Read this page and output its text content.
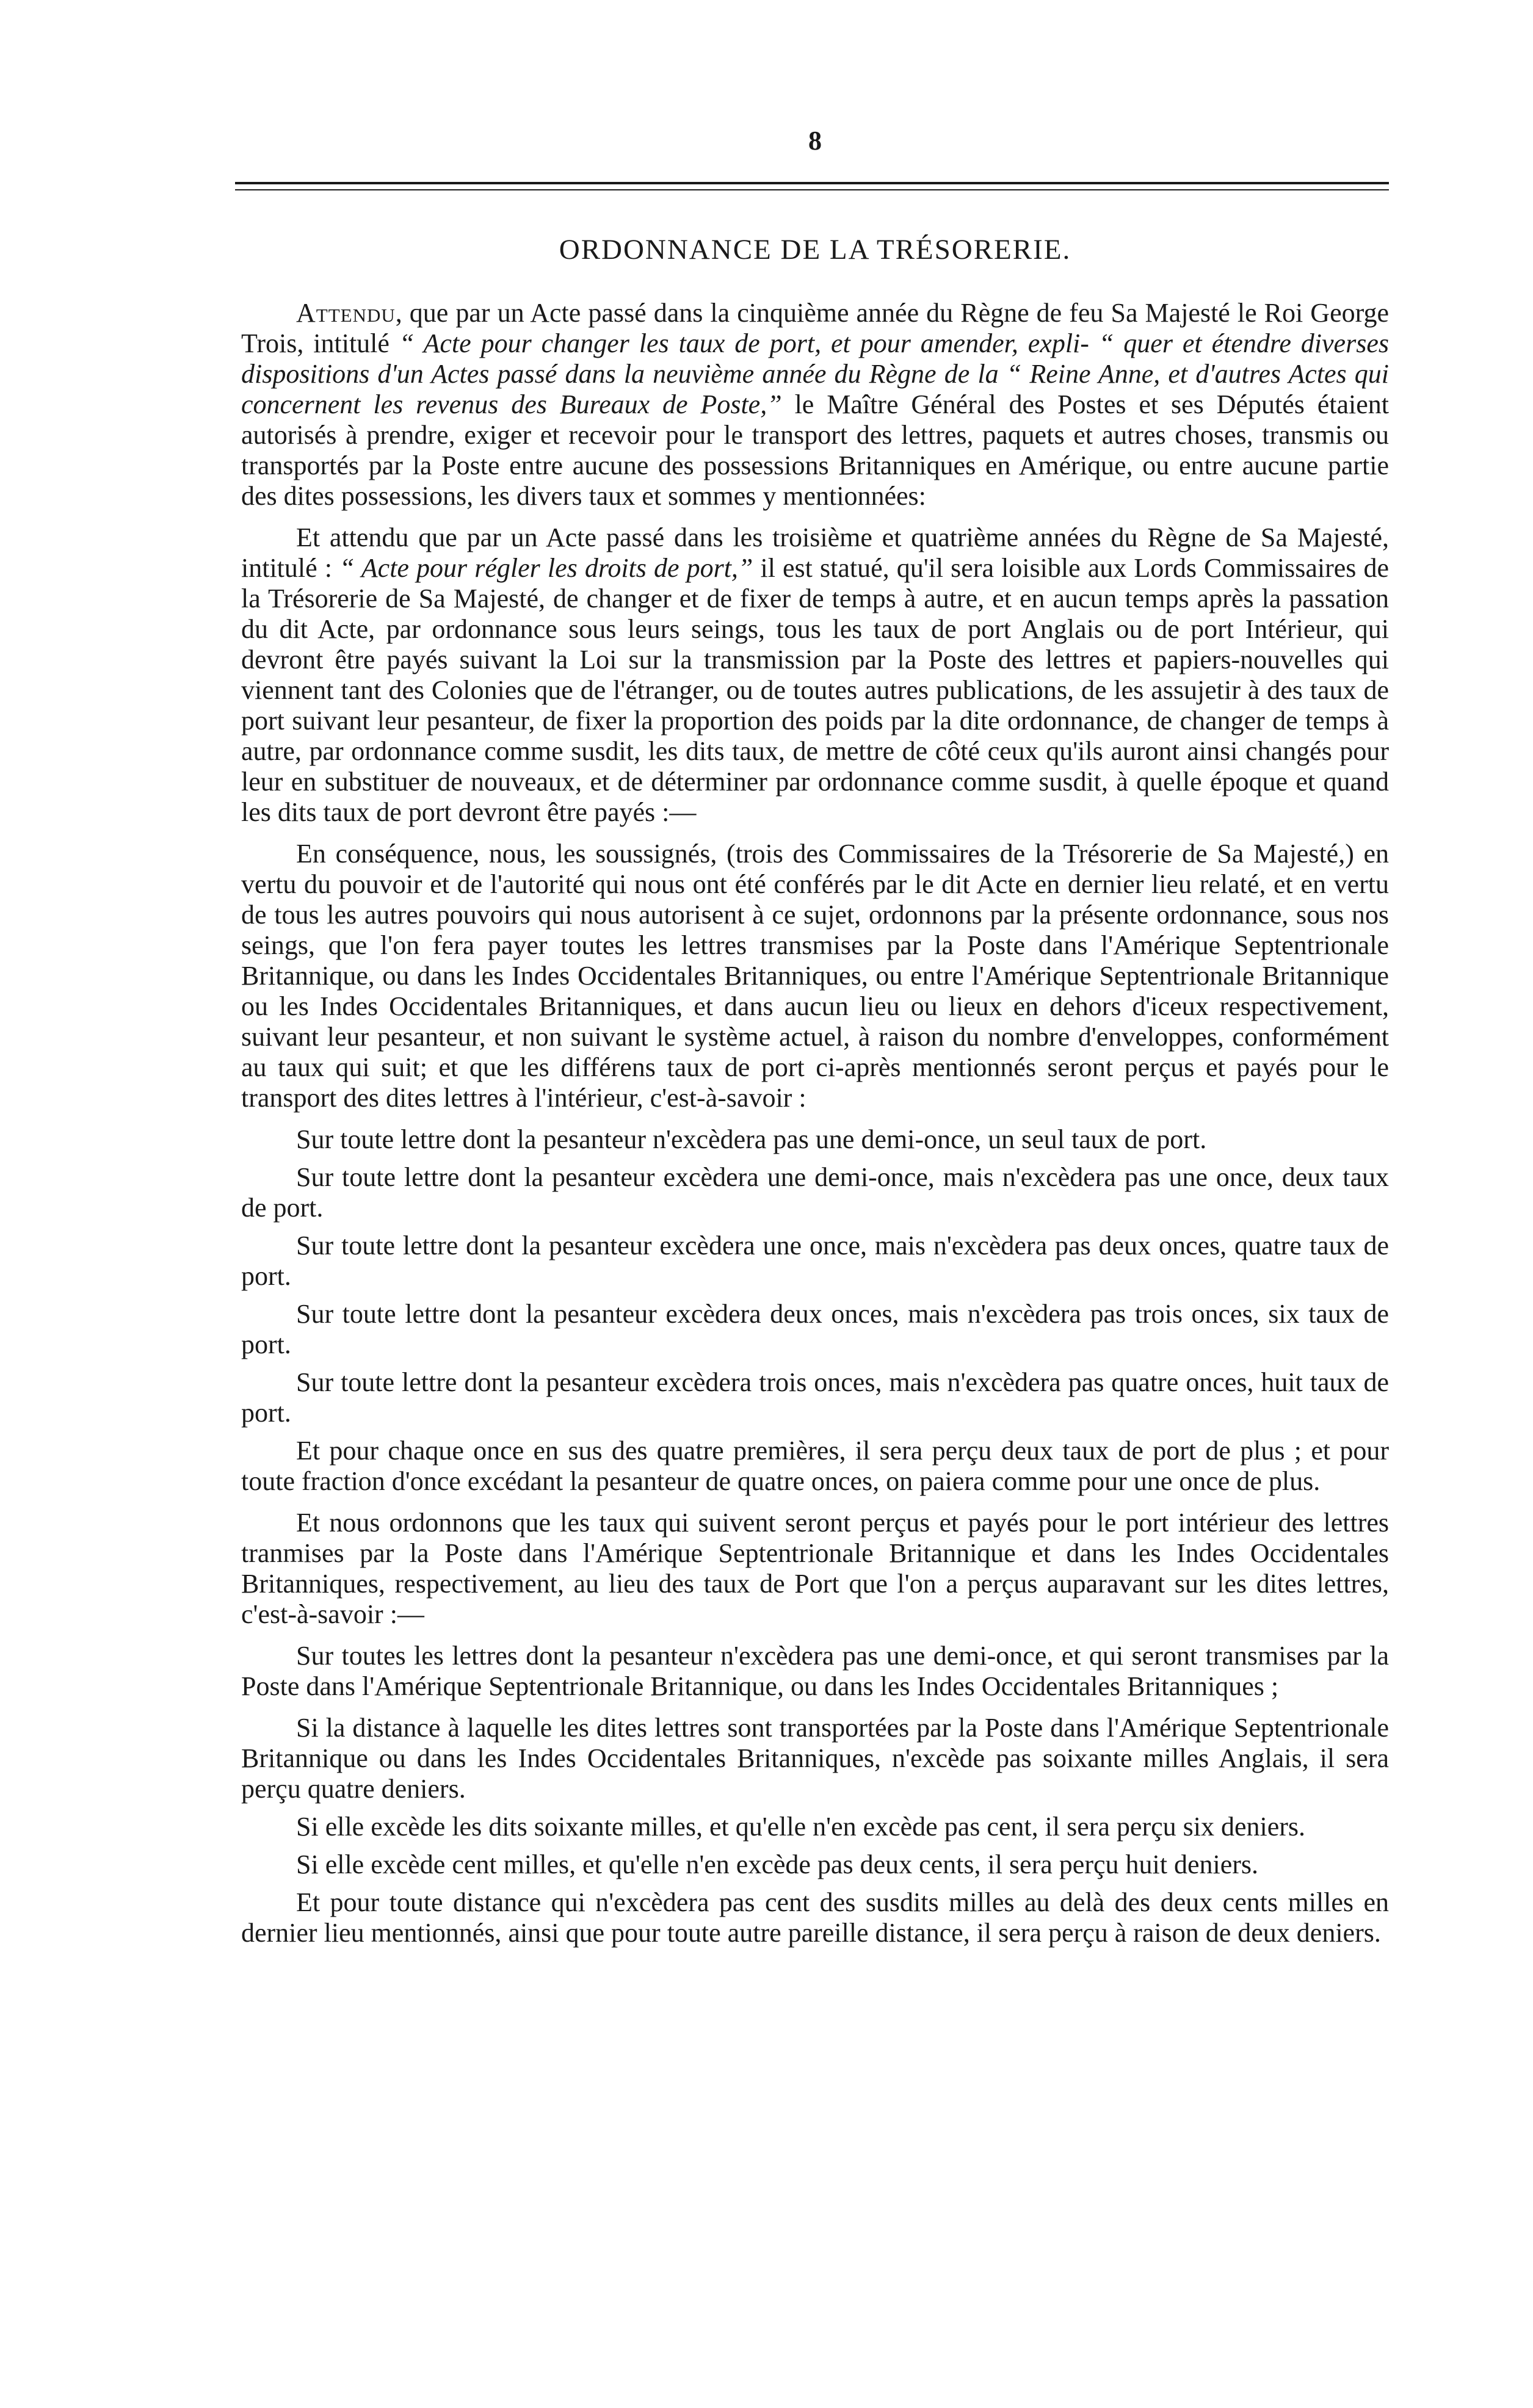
8
ORDONNANCE DE LA TRÉSORERIE.

Attendu, que par un Acte passé dans la cinquième année du Règne de feu Sa Majesté le Roi George Trois, intitulé “ Acte pour changer les taux de port, et pour amender, expli- “ quer et étendre diverses dispositions d'un Actes passé dans la neuvième année du Règne de la “ Reine Anne, et d'autres Actes qui concernent les revenus des Bureaux de Poste,” le Maître Général des Postes et ses Députés étaient autorisés à prendre, exiger et recevoir pour le transport des lettres, paquets et autres choses, transmis ou transportés par la Poste entre aucune des possessions Britanniques en Amérique, ou entre aucune partie des dites possessions, les divers taux et sommes y mentionnées:

Et attendu que par un Acte passé dans les troisième et quatrième années du Règne de Sa Majesté, intitulé : “ Acte pour régler les droits de port,” il est statué, qu'il sera loisible aux Lords Commissaires de la Trésorerie de Sa Majesté, de changer et de fixer de temps à autre, et en aucun temps après la passation du dit Acte, par ordonnance sous leurs seings, tous les taux de port Anglais ou de port Intérieur, qui devront être payés suivant la Loi sur la transmission par la Poste des lettres et papiers-nouvelles qui viennent tant des Colonies que de l'étranger, ou de toutes autres publications, de les assujetir à des taux de port suivant leur pesanteur, de fixer la proportion des poids par la dite ordonnance, de changer de temps à autre, par ordonnance comme susdit, les dits taux, de mettre de côté ceux qu'ils auront ainsi changés pour leur en substituer de nouveaux, et de déterminer par ordonnance comme susdit, à quelle époque et quand les dits taux de port devront être payés :—

En conséquence, nous, les soussignés, (trois des Commissaires de la Trésorerie de Sa Majesté,) en vertu du pouvoir et de l'autorité qui nous ont été conférés par le dit Acte en dernier lieu relaté, et en vertu de tous les autres pouvoirs qui nous autorisent à ce sujet, ordonnons par la présente ordonnance, sous nos seings, que l'on fera payer toutes les lettres transmises par la Poste dans l'Amérique Septentrionale Britannique, ou dans les Indes Occidentales Britanniques, ou entre l'Amérique Septentrionale Britannique ou les Indes Occidentales Britanniques, et dans aucun lieu ou lieux en dehors d'iceux respectivement, suivant leur pesanteur, et non suivant le système actuel, à raison du nombre d'enveloppes, conformément au taux qui suit; et que les différens taux de port ci-après mentionnés seront perçus et payés pour le transport des dites lettres à l'intérieur, c'est-à-savoir :

Sur toute lettre dont la pesanteur n'excèdera pas une demi-once, un seul taux de port.

Sur toute lettre dont la pesanteur excèdera une demi-once, mais n'excèdera pas une once, deux taux de port.

Sur toute lettre dont la pesanteur excèdera une once, mais n'excèdera pas deux onces, quatre taux de port.

Sur toute lettre dont la pesanteur excèdera deux onces, mais n'excèdera pas trois onces, six taux de port.

Sur toute lettre dont la pesanteur excèdera trois onces, mais n'excèdera pas quatre onces, huit taux de port.

Et pour chaque once en sus des quatre premières, il sera perçu deux taux de port de plus ; et pour toute fraction d'once excédant la pesanteur de quatre onces, on paiera comme pour une once de plus.

Et nous ordonnons que les taux qui suivent seront perçus et payés pour le port intérieur des lettres tranmises par la Poste dans l'Amérique Septentrionale Britannique et dans les Indes Occidentales Britanniques, respectivement, au lieu des taux de Port que l'on a perçus auparavant sur les dites lettres, c'est-à-savoir :—

Sur toutes les lettres dont la pesanteur n'excèdera pas une demi-once, et qui seront transmises par la Poste dans l'Amérique Septentrionale Britannique, ou dans les Indes Occidentales Britanniques ;

Si la distance à laquelle les dites lettres sont transportées par la Poste dans l'Amérique Septentrionale Britannique ou dans les Indes Occidentales Britanniques, n'excède pas soixante milles Anglais, il sera perçu quatre deniers.

Si elle excède les dits soixante milles, et qu'elle n'en excède pas cent, il sera perçu six deniers.

Si elle excède cent milles, et qu'elle n'en excède pas deux cents, il sera perçu huit deniers.

Et pour toute distance qui n'excèdera pas cent des susdits milles au delà des deux cents milles en dernier lieu mentionnés, ainsi que pour toute autre pareille distance, il sera perçu à raison de deux deniers.
